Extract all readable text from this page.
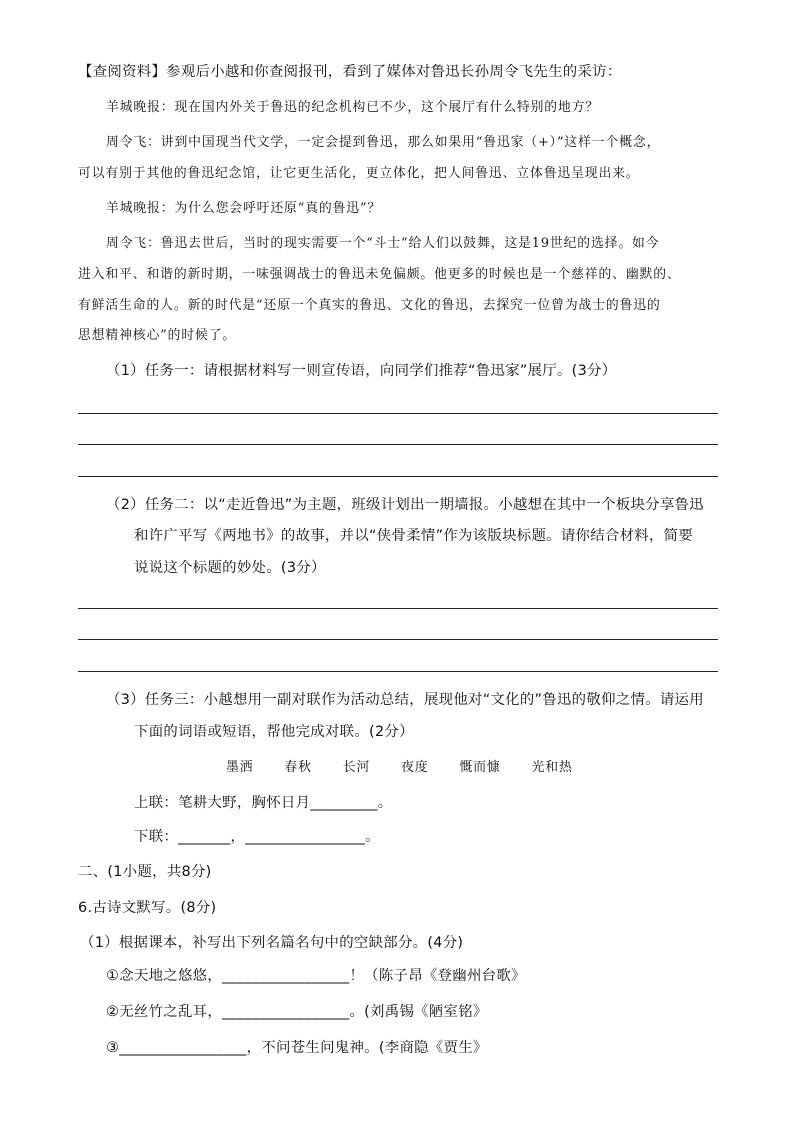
【查阅资料】参观后小越和你查阅报刊，看到了媒体对鲁迅长孙周令飞先生的采访：
羊城晚报：现在国内外关于鲁迅的纪念机构已不少，这个展厅有什么特别的地方？
周令飞：讲到中国现当代文学，一定会提到鲁迅，那么如果用“鲁迅家（+）”这样一个概念，
可以有别于其他的鲁迅纪念馆，让它更生活化，更立体化，把人间鲁迅、立体鲁迅呈现出来。
羊城晚报：为什么您会呼吁还原“真的鲁迅”？
周令飞：鲁迅去世后，当时的现实需要一个“斗士”给人们以鼓舞，这是19世纪的选择。如今
进入和平、和谐的新时期，一味强调战士的鲁迅未免偏颇。他更多的时候也是一个慈祥的、幽默的、
有鲜活生命的人。新的时代是“还原一个真实的鲁迅、文化的鲁迅，去探究一位曾为战士的鲁迅的
思想精神核心”的时候了。
（1）任务一：请根据材料写一则宣传语，向同学们推荐“鲁迅家”展厅。(3分）
（2）任务二：以“走近鲁迅”为主题，班级计划出一期墙报。小越想在其中一个板块分享鲁迅
和许广平写《两地书》的故事，并以“侠骨柔情”作为该版块标题。请你结合材料，简要
说说这个标题的妙处。(3分）
（3）任务三：小越想用一副对联作为活动总结，展现他对“文化的”鲁迅的敬仰之情。请运用
下面的词语或短语，帮他完成对联。(2分）
墨洒 春秋 长河 夜度 慨而慷 光和热
上联：笔耕大野，胸怀日月_________。
下联：_______，________________。
二、(1小题，共8分)
6.古诗文默写。(8分)
（1）根据课本，补写出下列名篇名句中的空缺部分。(4分)
①念天地之悠悠，_________________！（陈子昂《登幽州台歌》
②无丝竹之乱耳，_________________。(刘禹锡《陋室铭》
③_________________，不问苍生问鬼神。(李商隐《贾生》
